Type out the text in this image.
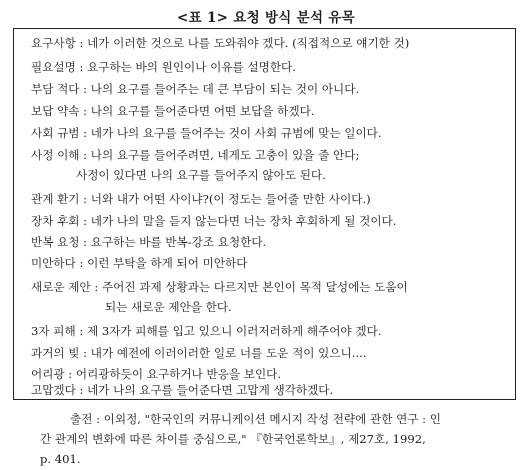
<표 1> 요청 방식 분석 유목
요구사항 : 네가 이러한 것으로 나를 도와줘야 겠다. (직접적으로 얘기한 것)
필요설명 : 요구하는 바의 원인이나 이유를 설명한다.
부담 적다 : 나의 요구를 들어주는 데 큰 부담이 되는 것이 아니다.
보답 약속 : 나의 요구를 들어준다면 어떤 보답을 하겠다.
사회 규범 : 네가 나의 요구를 들어주는 것이 사회 규범에 맞는 일이다.
사정 이해 : 나의 요구를 들어주려면, 네게도 고충이 있을 줄 안다;
사정이 있다면 나의 요구를 들어주지 않아도 된다.
관계 환기 : 너와 내가 어떤 사이냐?(이 정도는 들어줄 만한 사이다.)
장차 후회 : 네가 나의 말을 듣지 않는다면 너는 장차 후회하게 될 것이다.
반복 요청 : 요구하는 바를 반복-강조 요청한다.
미안하다 : 이런 부탁을 하게 되어 미안하다
새로운 제안 : 주어진 과제 상황과는 다르지만 본인이 목적 달성에는 도움이
되는 새로운 제안을 한다.
3자 피해 : 제 3자가 피해를 입고 있으니 이러저러하게 해주어야 겠다.
과거의 빚 : 내가 예전에 이러이러한 일로 너를 도운 적이 있으니....
어리광 : 어리광하듯이 요구하거나 반응을 보인다.
고맙겠다 : 네가 나의 요구를 들어준다면 고맙게 생각하겠다.
출전 : 이외정, "한국인의 커뮤니케이션 메시지 작성 전략에 관한 연구 : 인
간 관계의 변화에 따른 차이를 중심으로," 『한국언론학보』, 제27호, 1992,
p. 401.
